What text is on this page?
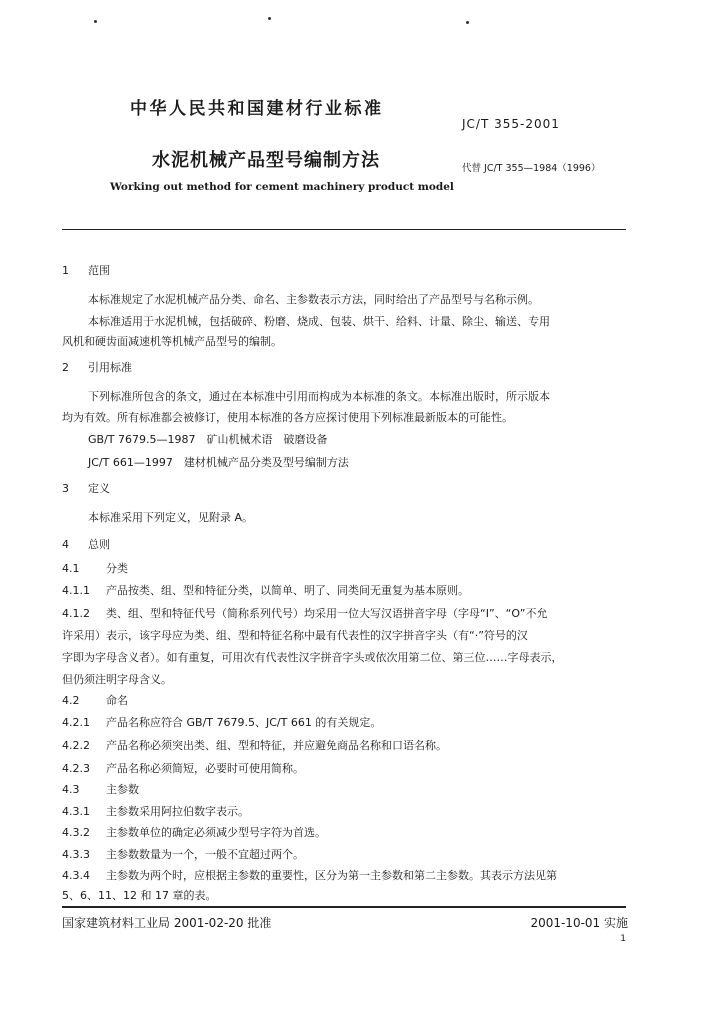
中华人民共和国建材行业标准
JC/T 355-2001
水泥机械产品型号编制方法	代替 JC/T 355—1984（1996）
Working out method for cement machinery product model
1 范围
本标准规定了水泥机械产品分类、命名、主参数表示方法，同时给出了产品型号与名称示例。
本标准适用于水泥机械，包括破碎、粉磨、烧成、包装、烘干、给料、计量、除尘、输送、专用
风机和硬齿面减速机等机械产品型号的编制。
2 引用标准
下列标准所包含的条文，通过在本标准中引用而构成为本标准的条文。本标准出版时，所示版本
均为有效。所有标准都会被修订，使用本标准的各方应探讨使用下列标准最新版本的可能性。
GB/T 7679.5—1987　矿山机械术语　破磨设备
JC/T 661—1997　建材机械产品分类及型号编制方法
3 定义
本标准采用下列定义，见附录 A。
4 总则
4.1 分类
4.1.1 产品按类、组、型和特征分类，以简单、明了、同类间无重复为基本原则。
4.1.2 类、组、型和特征代号（简称系列代号）均采用一位大写汉语拼音字母（字母“I”、“O”不允
许采用）表示，该字母应为类、组、型和特征名称中最有代表性的汉字拼音字头（有“·”符号的汉
字即为字母含义者）。如有重复，可用次有代表性汉字拼音字头或依次用第二位、第三位……字母表示，
但仍须注明字母含义。
4.2 命名
4.2.1 产品名称应符合 GB/T 7679.5、JC/T 661 的有关规定。
4.2.2 产品名称必须突出类、组、型和特征，并应避免商品名称和口语名称。
4.2.3 产品名称必须简短，必要时可使用简称。
4.3 主参数
4.3.1 主参数采用阿拉伯数字表示。
4.3.2 主参数单位的确定必须减少型号字符为首选。
4.3.3 主参数数量为一个，一般不宜超过两个。
4.3.4 主参数为两个时，应根据主参数的重要性，区分为第一主参数和第二主参数。其表示方法见第
5、6、11、12 和 17 章的表。
国家建筑材料工业局 2001-02-20 批准	2001-10-01 实施
1
